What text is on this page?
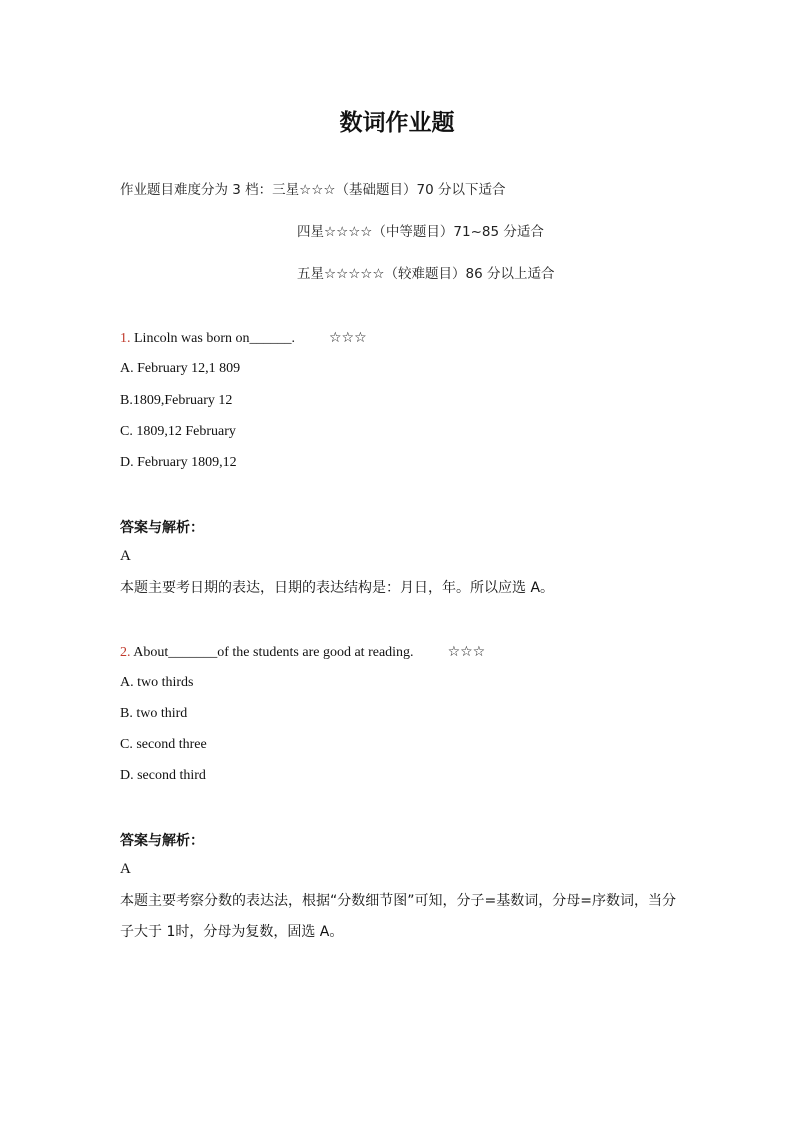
数词作业题
作业题目难度分为 3 档：三星☆☆☆（基础题目）70 分以下适合
四星☆☆☆☆（中等题目）71~85 分适合
五星☆☆☆☆☆（较难题目）86 分以上适合
1. Lincoln was born on______. ☆☆☆
A. February 12,1 809
B.1809,February 12
C. 1809,12 February
D. February 1809,12
答案与解析：
A
本题主要考日期的表达，日期的表达结构是：月日，年。所以应选 A。
2. About_______of the students are good at reading. ☆☆☆
A. two thirds
B. two third
C. second three
D. second third
答案与解析：
A
本题主要考察分数的表达法，根据“分数细节图”可知，分子=基数词，分母=序数词，当分子大于 1时，分母为复数，固选 A。
